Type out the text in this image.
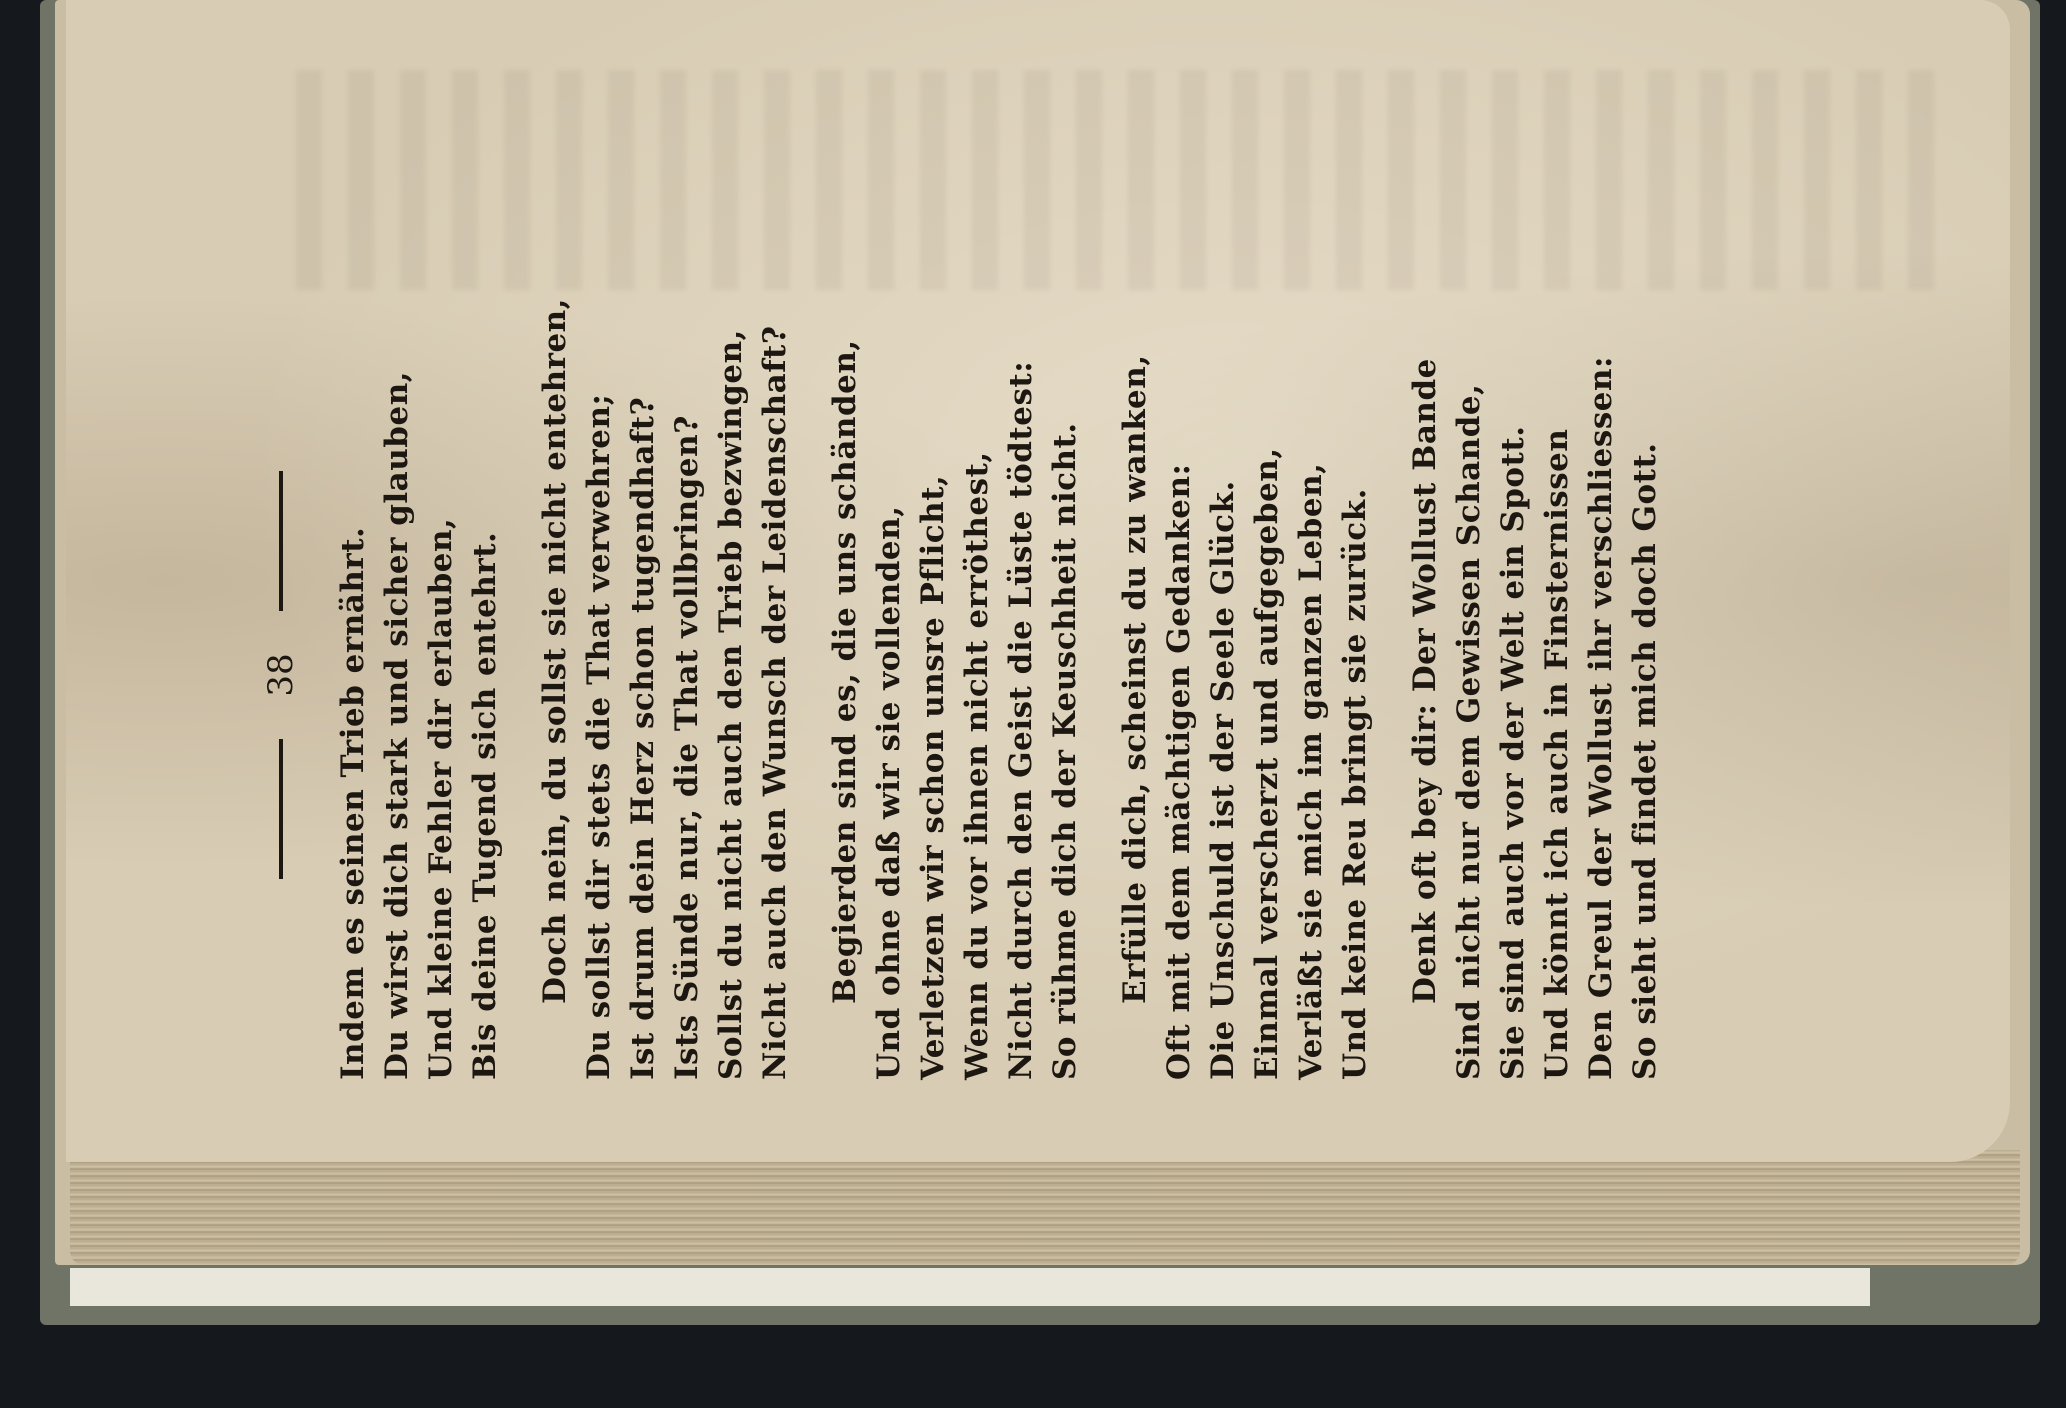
38 Indem es seinen Trieb ernährt. Du wirst dich stark und sicher glauben, Und kleine Fehler dir erlauben, Bis deine Tugend sich entehrt. Doch nein, du sollst sie nicht entehren, Du sollst dir stets die That verwehren; Ist drum dein Herz schon tugendhaft? Ists Sünde nur, die That vollbringen? Sollst du nicht auch den Trieb bezwingen, Nicht auch den Wunsch der Leidenschaft? Begierden sind es, die uns schänden, Und ohne daß wir sie vollenden, Verletzen wir schon unsre Pflicht, Wenn du vor ihnen nicht erröthest, Nicht durch den Geist die Lüste tödtest: So rühme dich der Keuschheit nicht. Erfülle dich, scheinst du zu wanken, Oft mit dem mächtigen Gedanken: Die Unschuld ist der Seele Glück. Einmal verscherzt und aufgegeben, Verläßt sie mich im ganzen Leben, Und keine Reu bringt sie zurück. Denk oft bey dir: Der Wollust Bande Sind nicht nur dem Gewissen Schande, Sie sind auch vor der Welt ein Spott. Und könnt ich auch in Finsternissen Den Greul der Wollust ihr verschliessen: So sieht und findet mich doch Gott.
